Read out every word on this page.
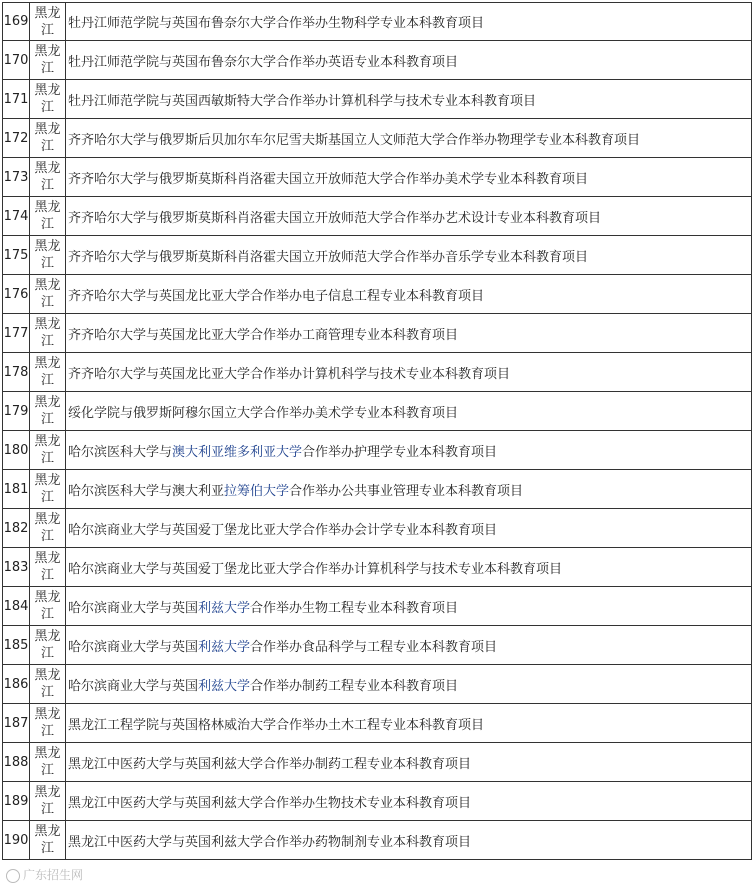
169
黑龙
江 牡丹江师范学院与英国布鲁奈尔大学合作举办生物科学专业本科教育项目
170
黑龙
江 牡丹江师范学院与英国布鲁奈尔大学合作举办英语专业本科教育项目
171
黑龙
江 牡丹江师范学院与英国西敏斯特大学合作举办计算机科学与技术专业本科教育项目
172
黑龙
江 齐齐哈尔大学与俄罗斯后贝加尔车尔尼雪夫斯基国立人文师范大学合作举办物理学专业本科教育项目
173
黑龙
江 齐齐哈尔大学与俄罗斯莫斯科肖洛霍夫国立开放师范大学合作举办美术学专业本科教育项目
174
黑龙
江 齐齐哈尔大学与俄罗斯莫斯科肖洛霍夫国立开放师范大学合作举办艺术设计专业本科教育项目
175
黑龙
江 齐齐哈尔大学与俄罗斯莫斯科肖洛霍夫国立开放师范大学合作举办音乐学专业本科教育项目
176
黑龙
江 齐齐哈尔大学与英国龙比亚大学合作举办电子信息工程专业本科教育项目
177
黑龙
江 齐齐哈尔大学与英国龙比亚大学合作举办工商管理专业本科教育项目
178
黑龙
江 齐齐哈尔大学与英国龙比亚大学合作举办计算机科学与技术专业本科教育项目
179
黑龙
江 绥化学院与俄罗斯阿穆尔国立大学合作举办美术学专业本科教育项目
180
黑龙
江 哈尔滨医科大学与 澳大利亚维多利亚大学 合作举办护理学专业本科教育项目
181
黑龙
江 哈尔滨医科大学与澳大利亚 拉筹伯大学 合作举办公共事业管理专业本科教育项目
182
黑龙
江 哈尔滨商业大学与英国爱丁堡龙比亚大学合作举办会计学专业本科教育项目
183
黑龙
江 哈尔滨商业大学与英国爱丁堡龙比亚大学合作举办计算机科学与技术专业本科教育项目
184
黑龙
江 哈尔滨商业大学与英国 利兹大学 合作举办生物工程专业本科教育项目
185
黑龙
江 哈尔滨商业大学与英国 利兹大学 合作举办食品科学与工程专业本科教育项目
186
黑龙
江 哈尔滨商业大学与英国 利兹大学 合作举办制药工程专业本科教育项目
187
黑龙
江 黑龙江工程学院与英国格林威治大学合作举办土木工程专业本科教育项目
188
黑龙
江 黑龙江中医药大学与英国利兹大学合作举办制药工程专业本科教育项目
189
黑龙
江 黑龙江中医药大学与英国利兹大学合作举办生物技术专业本科教育项目
190
黑龙
江 黑龙江中医药大学与英国利兹大学合作举办药物制剂专业本科教育项目
广东招生网
